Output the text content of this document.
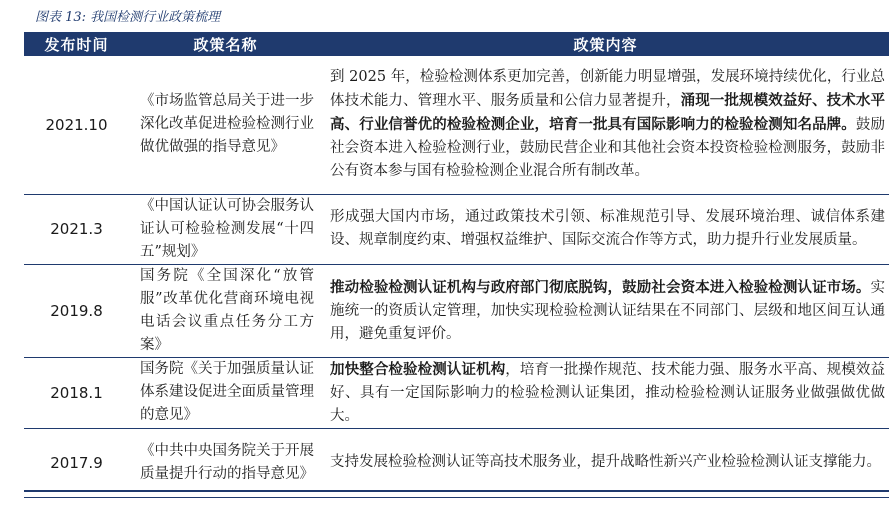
图表 13: 我国检测行业政策梳理
发布时间	政策名称	政策内容
2021.10	《市场监管总局关于进一步深化改革促进检验检测行业做优做强的指导意见》	到 2025 年，检验检测体系更加完善，创新能力明显增强，发展环境持续优化，行业总体技术能力、管理水平、服务质量和公信力显著提升，涌现一批规模效益好、技术水平高、行业信誉优的检验检测企业，培育一批具有国际影响力的检验检测知名品牌。鼓励社会资本进入检验检测行业，鼓励民营企业和其他社会资本投资检验检测服务，鼓励非公有资本参与国有检验检测企业混合所有制改革。
2021.3	《中国认证认可协会服务认证认可检验检测发展“十四五”规划》	形成强大国内市场，通过政策技术引领、标准规范引导、发展环境治理、诚信体系建设、规章制度约束、增强权益维护、国际交流合作等方式，助力提升行业发展质量。
2019.8	国务院《全国深化“放管服”改革优化营商环境电视电话会议重点任务分工方案》	推动检验检测认证机构与政府部门彻底脱钩，鼓励社会资本进入检验检测认证市场。实施统一的资质认定管理，加快实现检验检测认证结果在不同部门、层级和地区间互认通用，避免重复评价。
2018.1	国务院《关于加强质量认证体系建设促进全面质量管理的意见》	加快整合检验检测认证机构，培育一批操作规范、技术能力强、服务水平高、规模效益好、具有一定国际影响力的检验检测认证集团，推动检验检测认证服务业做强做优做大。
2017.9	《中共中央国务院关于开展质量提升行动的指导意见》	支持发展检验检测认证等高技术服务业，提升战略性新兴产业检验检测认证支撑能力。
